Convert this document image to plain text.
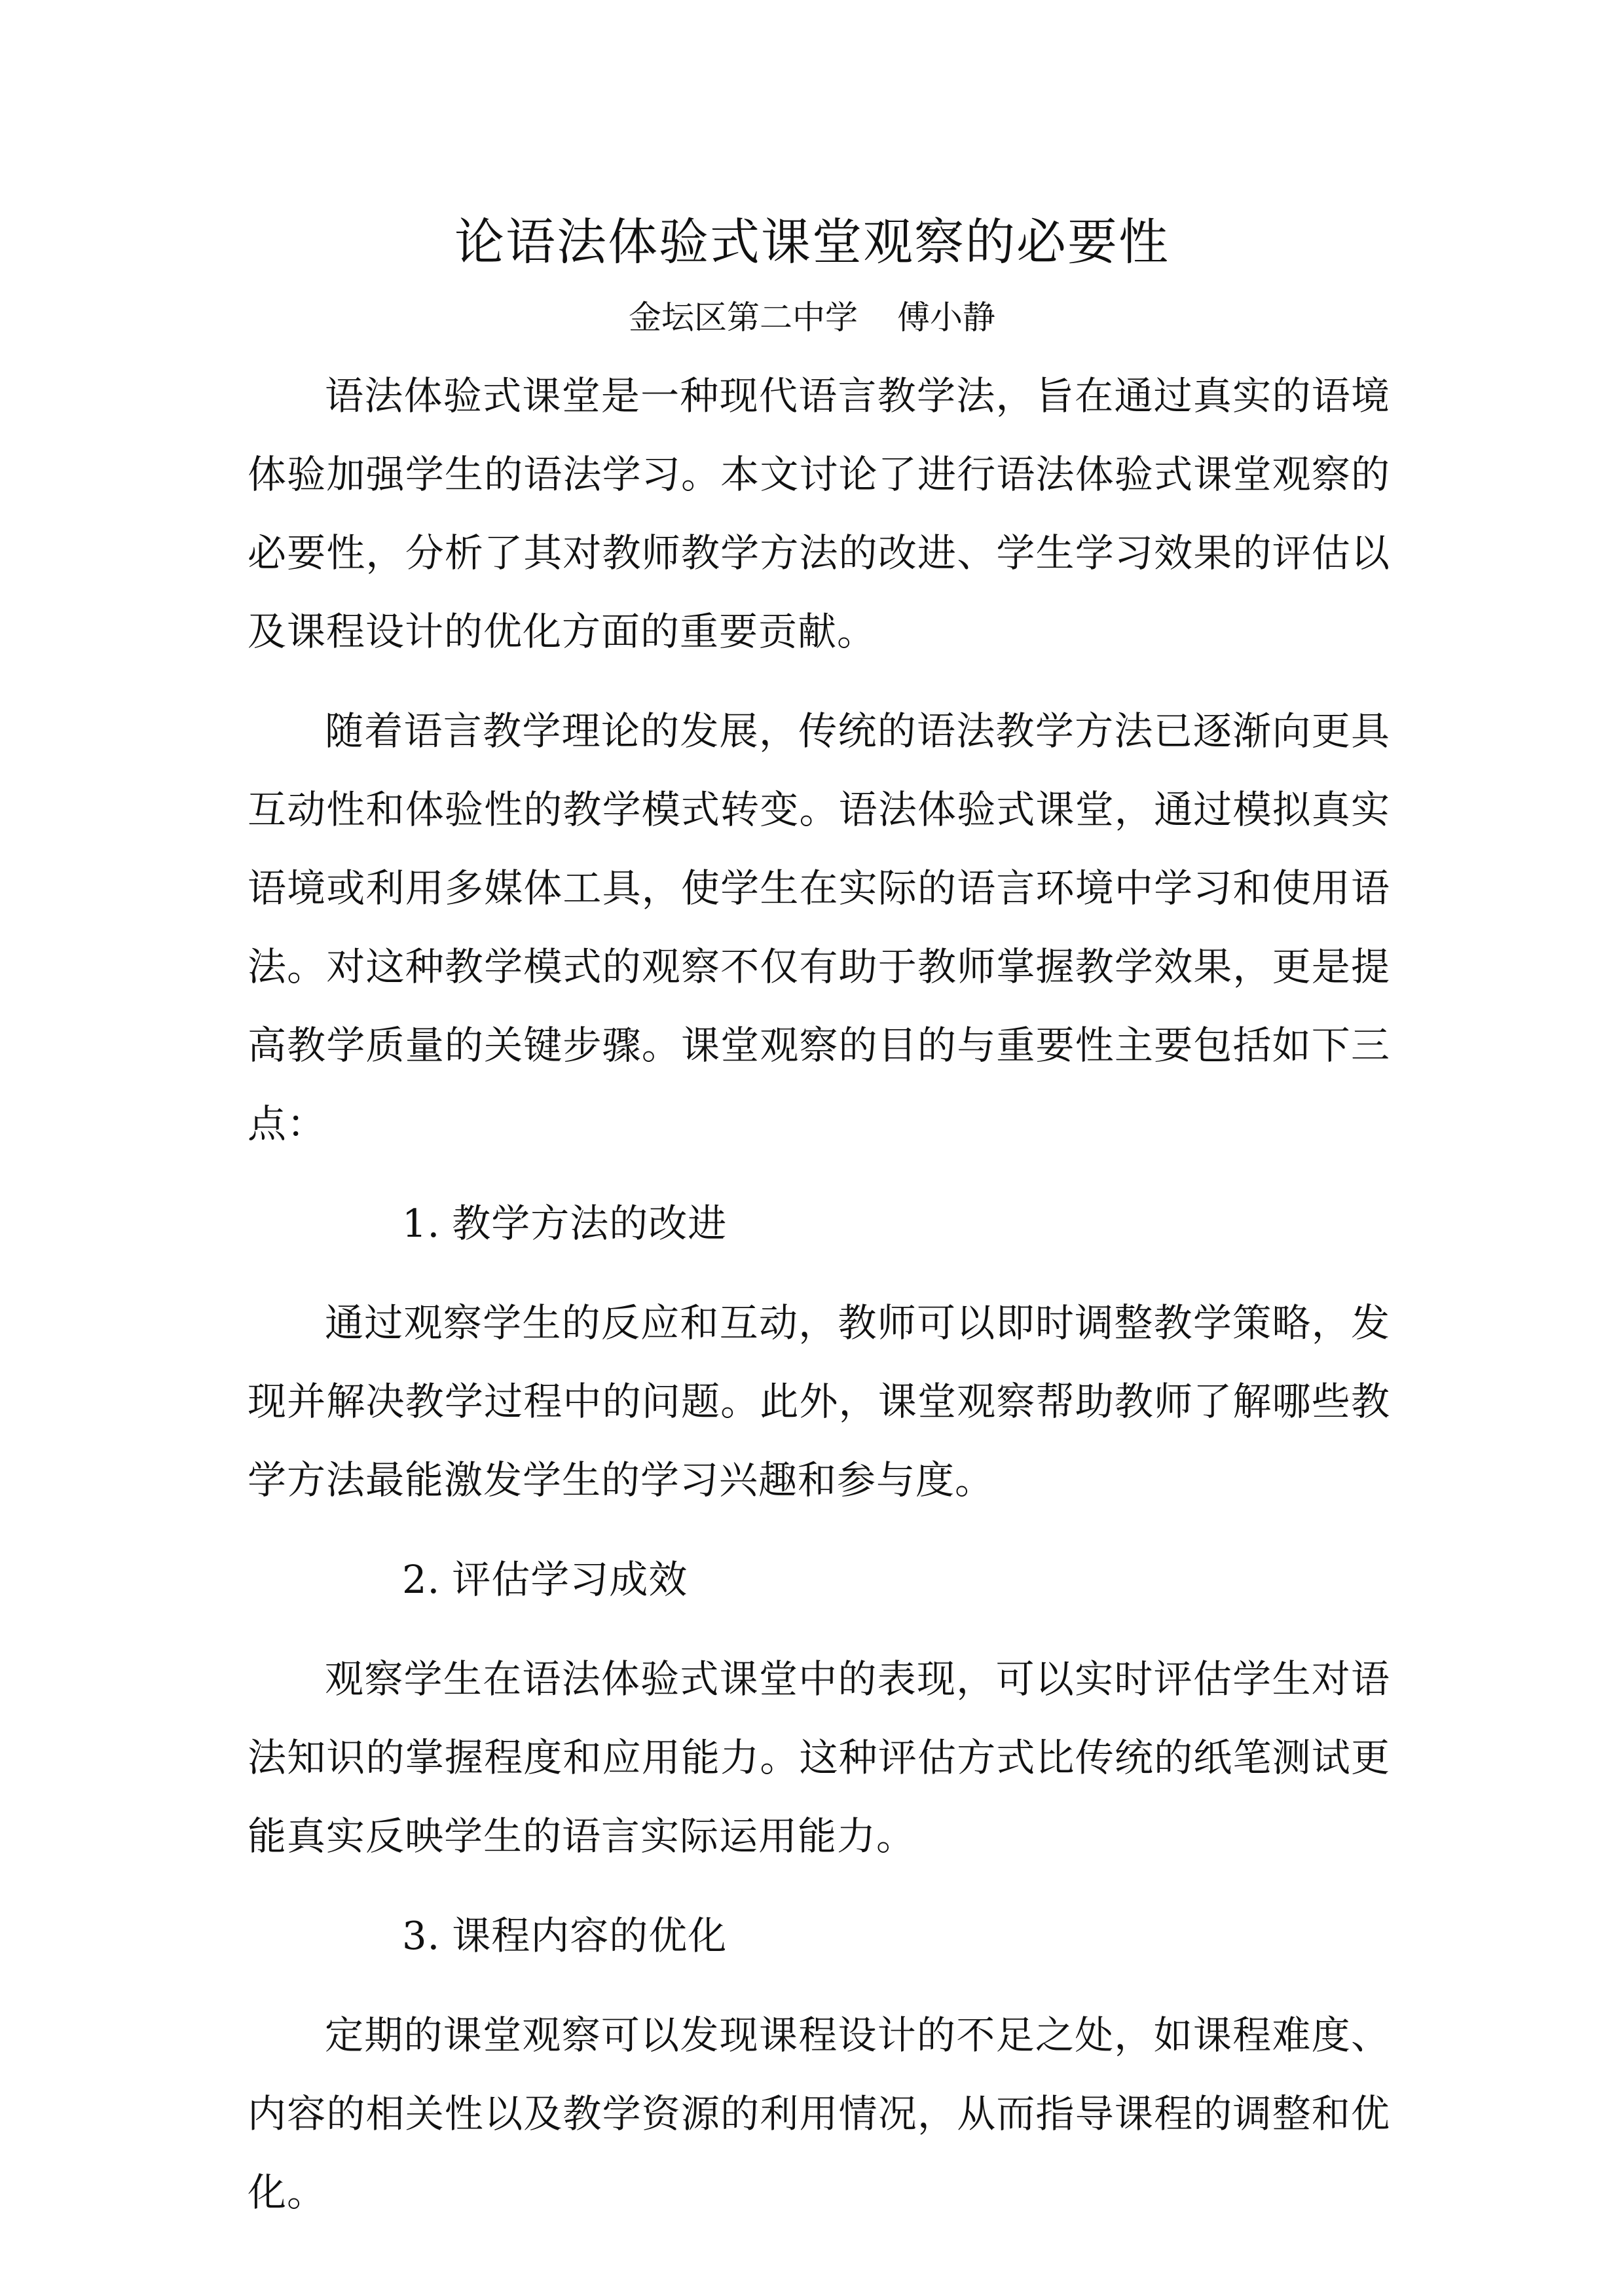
论语法体验式课堂观察的必要性

金坛区第二中学 傅小静

语法体验式课堂是一种现代语言教学法，旨在通过真实的语境体验加强学生的语法学习。本文讨论了进行语法体验式课堂观察的必要性，分析了其对教师教学方法的改进、学生学习效果的评估以及课程设计的优化方面的重要贡献。

随着语言教学理论的发展，传统的语法教学方法已逐渐向更具互动性和体验性的教学模式转变。语法体验式课堂，通过模拟真实语境或利用多媒体工具，使学生在实际的语言环境中学习和使用语法。对这种教学模式的观察不仅有助于教师掌握教学效果，更是提高教学质量的关键步骤。课堂观察的目的与重要性主要包括如下三点：

1. 教学方法的改进

通过观察学生的反应和互动，教师可以即时调整教学策略，发现并解决教学过程中的问题。此外，课堂观察帮助教师了解哪些教学方法最能激发学生的学习兴趣和参与度。

2. 评估学习成效

观察学生在语法体验式课堂中的表现，可以实时评估学生对语法知识的掌握程度和应用能力。这种评估方式比传统的纸笔测试更能真实反映学生的语言实际运用能力。

3. 课程内容的优化

定期的课堂观察可以发现课程设计的不足之处，如课程难度、内容的相关性以及教学资源的利用情况，从而指导课程的调整和优化。
